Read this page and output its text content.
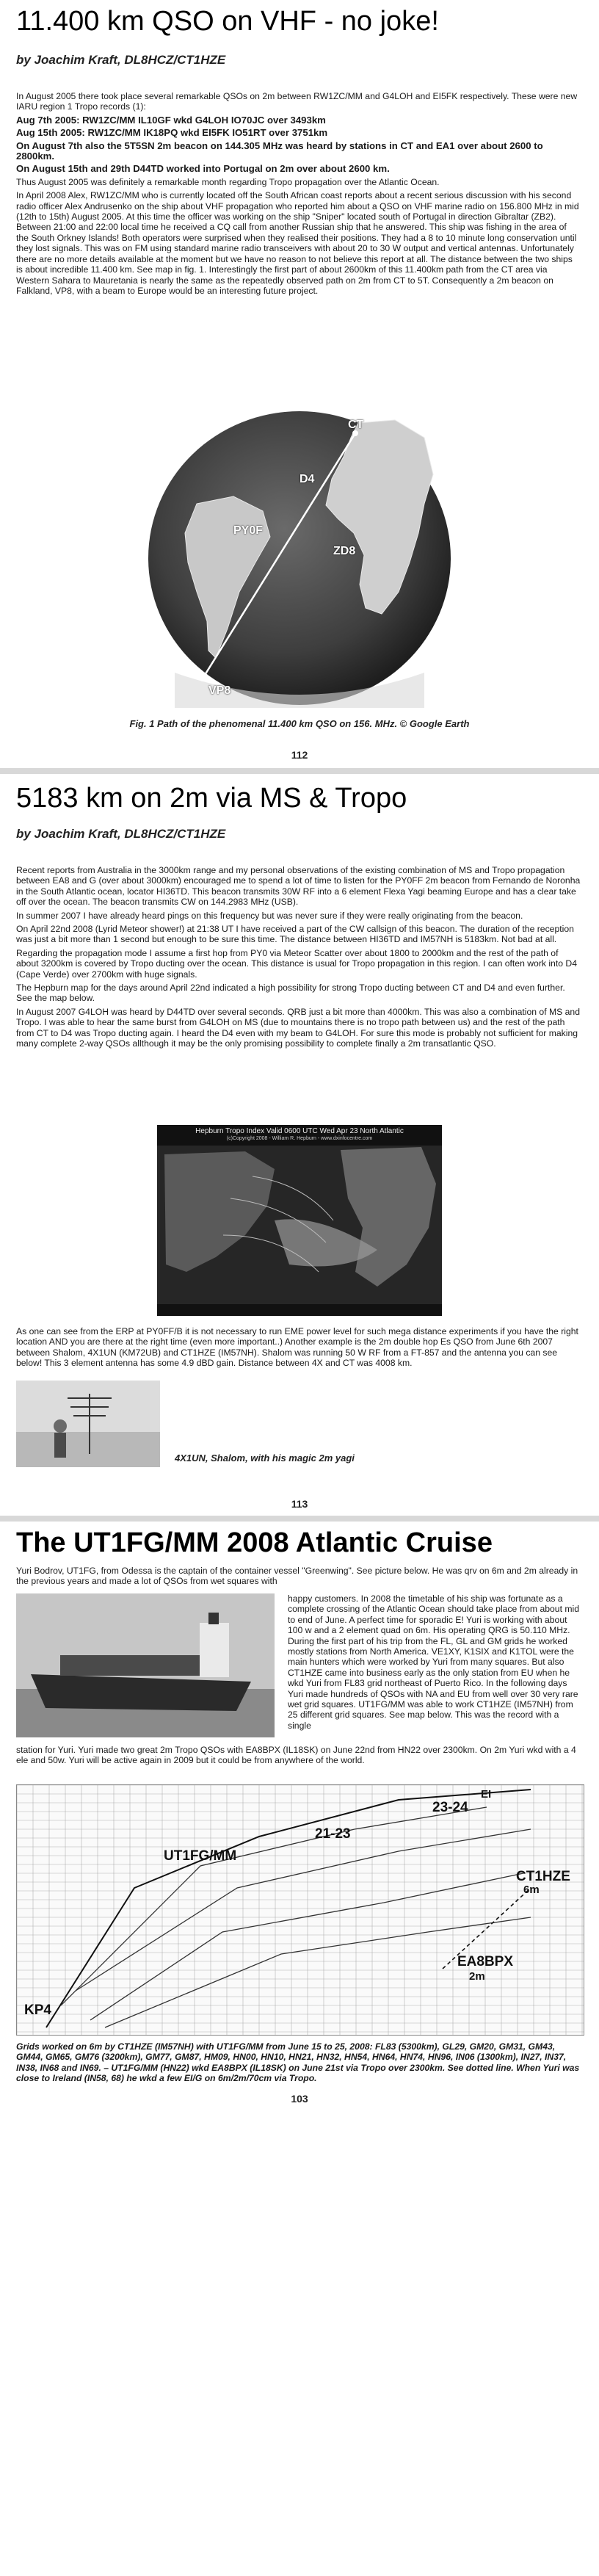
11.400 km QSO on VHF - no joke!

by Joachim Kraft, DL8HCZ/CT1HZE

In August 2005 there took place several remarkable QSOs on 2m between RW1ZC/MM and G4LOH and EI5FK respectively. These were new IARU region 1 Tropo records (1):

Aug 7th 2005: RW1ZC/MM IL10GF wkd G4LOH IO70JC over 3493km

Aug 15th 2005: RW1ZC/MM IK18PQ wkd EI5FK IO51RT over 3751km

On August 7th also the 5T5SN 2m beacon on 144.305 MHz was heard by stations in CT and EA1 over about 2600 to 2800km.

On August 15th and 29th D44TD worked into Portugal on 2m over about 2600 km.

Thus August 2005 was definitely a remarkable month regarding Tropo propagation over the Atlantic Ocean.

In April 2008 Alex, RW1ZC/MM who is currently located off the South African coast reports about a recent serious discussion with his second radio officer Alex Andrusenko on the ship about VHF propagation who reported him about a QSO on VHF marine radio on 156.800 MHz in mid (12th to 15th) August 2005. At this time the officer was working on the ship "Sniper" located south of Portugal in direction Gibraltar (ZB2). Between 21:00 and 22:00 local time he received a CQ call from another Russian ship that he answered. This ship was fishing in the area of the South Orkney Islands! Both operators were surprised when they realised their positions. They had a 8 to 10 minute long conservation until they lost signals. This was on FM using standard marine radio transceivers with about 20 to 30 W output and vertical antennas. Unfortunately there are no more details available at the moment but we have no reason to not believe this report at all. The distance between the two ships is about incredible 11.400 km. See map in fig. 1. Interestingly the first part of about 2600km of this 11.400km path from the CT area via Western Sahara to Mauretania is nearly the same as the repeatedly observed path on 2m from CT to 5T. Consequently a 2m beacon on Falkland, VP8, with a beam to Europe would be an interesting future project.

CT
D4
PY0F
ZD8
VP8

Fig. 1 Path of the phenomenal 11.400 km QSO on 156. MHz. © Google Earth

112
5183 km on 2m via MS & Tropo

by Joachim Kraft, DL8HCZ/CT1HZE

Recent reports from Australia in the 3000km range and my personal observations of the existing combination of MS and Tropo propagation between EA8 and G (over about 3000km) encouraged me to spend a lot of time to listen for the PY0FF 2m beacon from Fernando de Noronha in the South Atlantic ocean, locator HI36TD. This beacon transmits 30W RF into a 6 element Flexa Yagi beaming Europe and has a clear take off over the ocean. The beacon transmits CW on 144.2983 MHz (USB).

In summer 2007 I have already heard pings on this frequency but was never sure if they were really originating from the beacon.

On April 22nd 2008 (Lyrid Meteor shower!) at 21:38 UT I have received a part of the CW callsign of this beacon. The duration of the reception was just a bit more than 1 second but enough to be sure this time. The distance between HI36TD and IM57NH is 5183km. Not bad at all.

Regarding the propagation mode I assume a first hop from PY0 via Meteor Scatter over about 1800 to 2000km and the rest of the path of about 3200km is covered by Tropo ducting over the ocean. This distance is usual for Tropo propagation in this region. I can often work into D4 (Cape Verde) over 2700km with huge signals.

The Hepburn map for the days around April 22nd indicated a high possibility for strong Tropo ducting between CT and D4 and even further. See the map below.

In August 2007 G4LOH was heard by D44TD over several seconds. QRB just a bit more than 4000km. This was also a combination of MS and Tropo. I was able to hear the same burst from G4LOH on MS (due to mountains there is no tropo path between us) and the rest of the path from CT to D4 was Tropo ducting again. I heard the D4 even with my beam to G4LOH. For sure this mode is probably not sufficient for making many complete 2-way QSOs allthough it may be the only promising possibility to complete finally a 2m transatlantic QSO.

Hepburn Tropo Index Valid 0600 UTC Wed Apr 23 North Atlantic
(c)Copyright 2008 - William R. Hepburn - www.dxinfocentre.com

As one can see from the ERP at PY0FF/B it is not necessary to run EME power level for such mega distance experiments if you have the right location AND you are there at the right time (even more important..) Another example is the 2m double hop Es QSO from June 6th 2007 between Shalom, 4X1UN (KM72UB) and CT1HZE (IM57NH). Shalom was running 50 W RF from a FT-857 and the antenna you can see below! This 3 element antenna has some 4.9 dBD gain. Distance between 4X and CT was 4008 km.

4X1UN, Shalom, with his magic 2m yagi
113
The UT1FG/MM 2008 Atlantic Cruise

Yuri Bodrov, UT1FG, from Odessa is the captain of the container vessel "Greenwing". See picture below. He was qrv on 6m and 2m already in the previous years and made a lot of QSOs from wet squares with

happy customers. In 2008 the timetable of his ship was fortunate as a complete crossing of the Atlantic Ocean should take place from about mid to end of June. A perfect time for sporadic E! Yuri is working with about 100 w and a 2 element quad on 6m. His operating QRG is 50.110 MHz. During the first part of his trip from the FL, GL and GM grids he worked mostly stations from North America. VE1XY, K1SIX and K1TOL were the main hunters which were worked by Yuri from many squares. But also CT1HZE came into business early as the only station from EU when he wkd Yuri from FL83 grid northeast of Puerto Rico. In the following days Yuri made hundreds of QSOs with NA and EU from well over 30 very rare wet grid squares. UT1FG/MM was able to work CT1HZE (IM57NH) from 25 different grid squares. See map below. This was the record with a single

station for Yuri. Yuri made two great 2m Tropo QSOs with EA8BPX (IL18SK) on June 22nd from HN22 over 2300km. On 2m Yuri wkd with a 4 ele and 50w. Yuri will be active again in 2009 but it could be from anywhere of the world.

UT1FG/MM
21-23
23-24
CT1HZE
6m
EA8BPX
2m
KP4
EI

Grids worked on 6m by CT1HZE (IM57NH) with UT1FG/MM from June 15 to 25, 2008: FL83 (5300km), GL29, GM20, GM31, GM43, GM44, GM65, GM76 (3200km), GM77, GM87, HM09, HN00, HN10, HN21, HN32, HN54, HN64, HN74, HN96, IN06 (1300km), IN27, IN37, IN38, IN68 and IN69. – UT1FG/MM (HN22) wkd EA8BPX (IL18SK) on June 21st via Tropo over 2300km. See dotted line. When Yuri was close to Ireland (IN58, 68) he wkd a few EI/G on 6m/2m/70cm via Tropo.

103
